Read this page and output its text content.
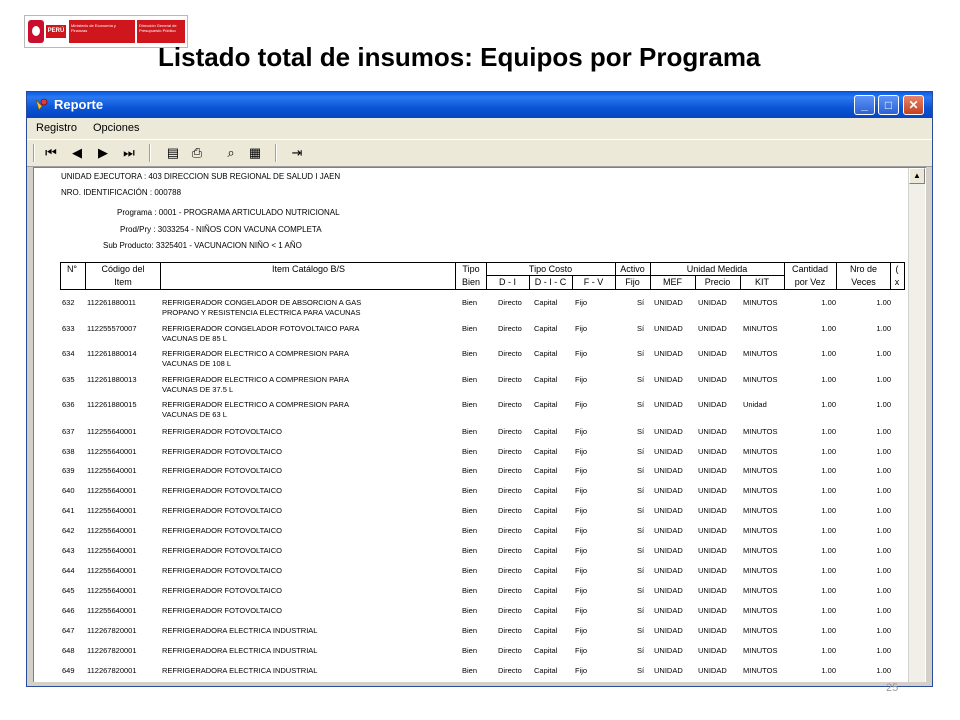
PERÚ
Ministerio de Economía y Finanzas
Dirección General de Presupuesto Público
Listado total de insumos: Equipos por Programa
Reporte	_	□	✕
Registro Opciones
⏮	◀	▶	⏭	▤ ⎙	⌕	▦	⇥
UNIDAD EJECUTORA : 403 DIRECCION SUB REGIONAL DE SALUD I JAEN
NRO. IDENTIFICACIÓN : 000788
Programa : 0001 - PROGRAMA ARTICULADO NUTRICIONAL
Prod/Pry : 3033254 - NIÑOS CON VACUNA COMPLETA
Sub Producto: 3325401 - VACUNACION NIÑO < 1 AÑO
N°	Código del
Item
Item Catálogo B/S	Tipo
Bien
Tipo Costo
D - I	D - I - C	F - V
Activo
Fijo
Unidad Medida
MEF	Precio	KIT
Cantidad
por Vez
Nro de
Veces
(
x
632 112261880011	REFRIGERADOR CONGELADOR DE ABSORCION A GAS
PROPANO Y RESISTENCIA ELECTRICA PARA VACUNAS
Bien	Directo Capital Fijo	Sí UNIDAD UNIDAD MINUTOS	1.00	1.00
633 112255570007	REFRIGERADOR CONGELADOR FOTOVOLTAICO PARA
VACUNAS DE 85 L
Bien	Directo Capital Fijo	Sí UNIDAD UNIDAD MINUTOS	1.00	1.00
634 112261880014	REFRIGERADOR ELECTRICO A COMPRESION PARA
VACUNAS DE 108 L
Bien	Directo Capital Fijo	Sí UNIDAD UNIDAD MINUTOS	1.00	1.00
635 112261880013	REFRIGERADOR ELECTRICO A COMPRESION PARA
VACUNAS DE 37.5 L
Bien	Directo Capital Fijo	Sí UNIDAD UNIDAD MINUTOS	1.00	1.00
636 112261880015	REFRIGERADOR ELECTRICO A COMPRESION PARA
VACUNAS DE 63 L
Bien	Directo Capital Fijo	Sí UNIDAD UNIDAD Unidad	1.00	1.00
637 112255640001	REFRIGERADOR FOTOVOLTAICO	Bien	Directo Capital Fijo	Sí UNIDAD UNIDAD MINUTOS	1.00	1.00
638 112255640001	REFRIGERADOR FOTOVOLTAICO	Bien	Directo Capital Fijo	Sí UNIDAD UNIDAD MINUTOS	1.00	1.00
639 112255640001	REFRIGERADOR FOTOVOLTAICO	Bien	Directo Capital Fijo	Sí UNIDAD UNIDAD MINUTOS	1.00	1.00
640 112255640001	REFRIGERADOR FOTOVOLTAICO	Bien	Directo Capital Fijo	Sí UNIDAD UNIDAD MINUTOS	1.00	1.00
641 112255640001	REFRIGERADOR FOTOVOLTAICO	Bien	Directo Capital Fijo	Sí UNIDAD UNIDAD MINUTOS	1.00	1.00
642 112255640001	REFRIGERADOR FOTOVOLTAICO	Bien	Directo Capital Fijo	Sí UNIDAD UNIDAD MINUTOS	1.00	1.00
643 112255640001	REFRIGERADOR FOTOVOLTAICO	Bien	Directo Capital Fijo	Sí UNIDAD UNIDAD MINUTOS	1.00	1.00
644 112255640001	REFRIGERADOR FOTOVOLTAICO	Bien	Directo Capital Fijo	Sí UNIDAD UNIDAD MINUTOS	1.00	1.00
645 112255640001	REFRIGERADOR FOTOVOLTAICO	Bien	Directo Capital Fijo	Sí UNIDAD UNIDAD MINUTOS	1.00	1.00
646 112255640001	REFRIGERADOR FOTOVOLTAICO	Bien	Directo Capital Fijo	Sí UNIDAD UNIDAD MINUTOS	1.00	1.00
647 112267820001	REFRIGERADORA ELECTRICA INDUSTRIAL	Bien	Directo Capital Fijo	Sí UNIDAD UNIDAD MINUTOS	1.00	1.00
648 112267820001	REFRIGERADORA ELECTRICA INDUSTRIAL	Bien	Directo Capital Fijo	Sí UNIDAD UNIDAD MINUTOS	1.00	1.00
649 112267820001	REFRIGERADORA ELECTRICA INDUSTRIAL	Bien	Directo Capital Fijo	Sí UNIDAD UNIDAD MINUTOS	1.00	1.00
▲
25
